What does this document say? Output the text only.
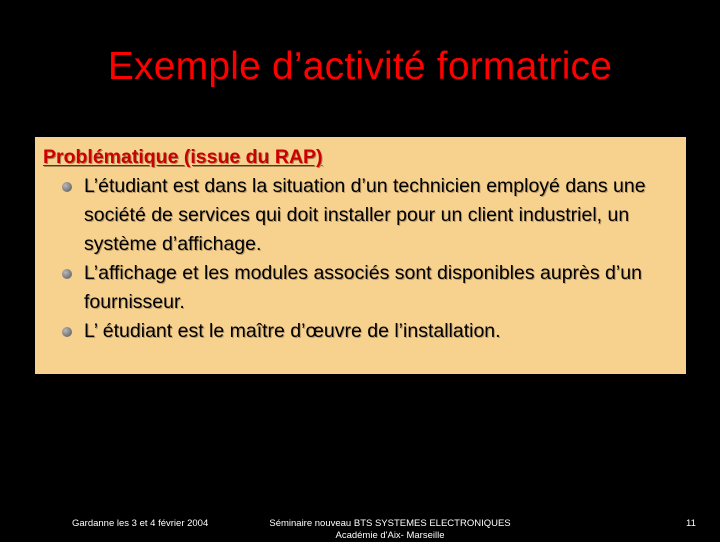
Exemple d’activité formatrice

Problématique (issue du RAP)

L’étudiant est dans la situation d’un technicien employé dans une société de services qui doit installer pour un client industriel, un système d’affichage.
L’affichage et les modules associés sont disponibles auprès d’un fournisseur.
L’ étudiant est le maître d’œuvre de l’installation.
Gardanne les 3 et 4 février 2004	Séminaire nouveau BTS SYSTEMES ELECTRONIQUES
Académie d'Aix- Marseille
11
